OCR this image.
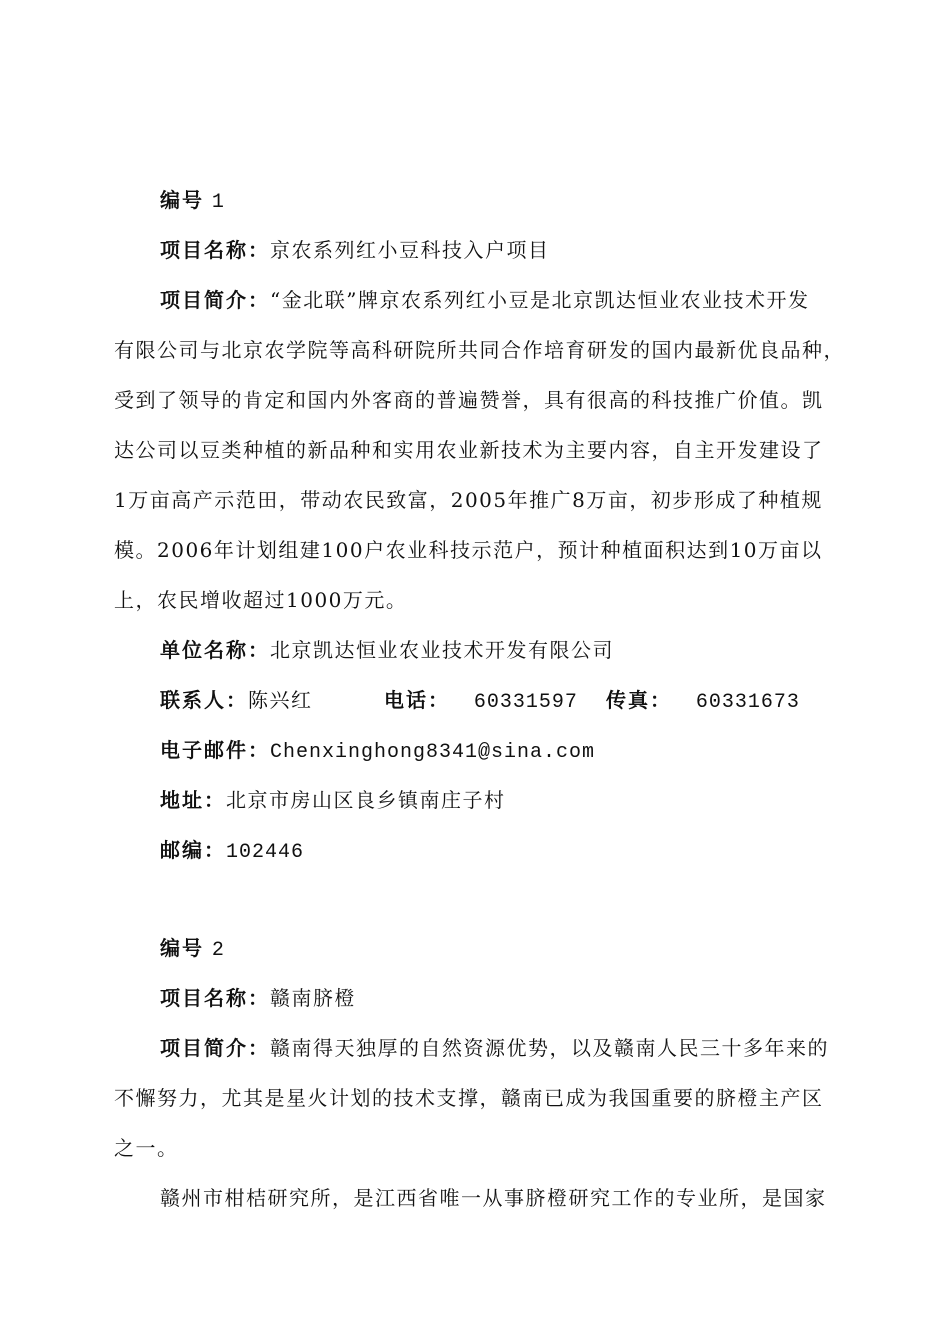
编号 1
项目名称：京农系列红小豆科技入户项目
项目简介：“金北联”牌京农系列红小豆是北京凯达恒业农业技术开发
有限公司与北京农学院等高科研院所共同合作培育研发的国内最新优良品种，
受到了领导的肯定和国内外客商的普遍赞誉，具有很高的科技推广价值。凯
达公司以豆类种植的新品种和实用农业新技术为主要内容，自主开发建设了
1万亩高产示范田，带动农民致富，2005年推广8万亩，初步形成了种植规
模。2006年计划组建100户农业科技示范户，预计种植面积达到10万亩以
上，农民增收超过1000万元。
单位名称：北京凯达恒业农业技术开发有限公司
联系人：陈兴红	电话： 60331597 传真： 60331673
电子邮件：Chenxinghong8341@sina.com
地址：北京市房山区良乡镇南庄子村
邮编：102446
编号 2
项目名称：赣南脐橙
项目简介：赣南得天独厚的自然资源优势，以及赣南人民三十多年来的
不懈努力，尤其是星火计划的技术支撑，赣南已成为我国重要的脐橙主产区
之一。
赣州市柑桔研究所，是江西省唯一从事脐橙研究工作的专业所，是国家
